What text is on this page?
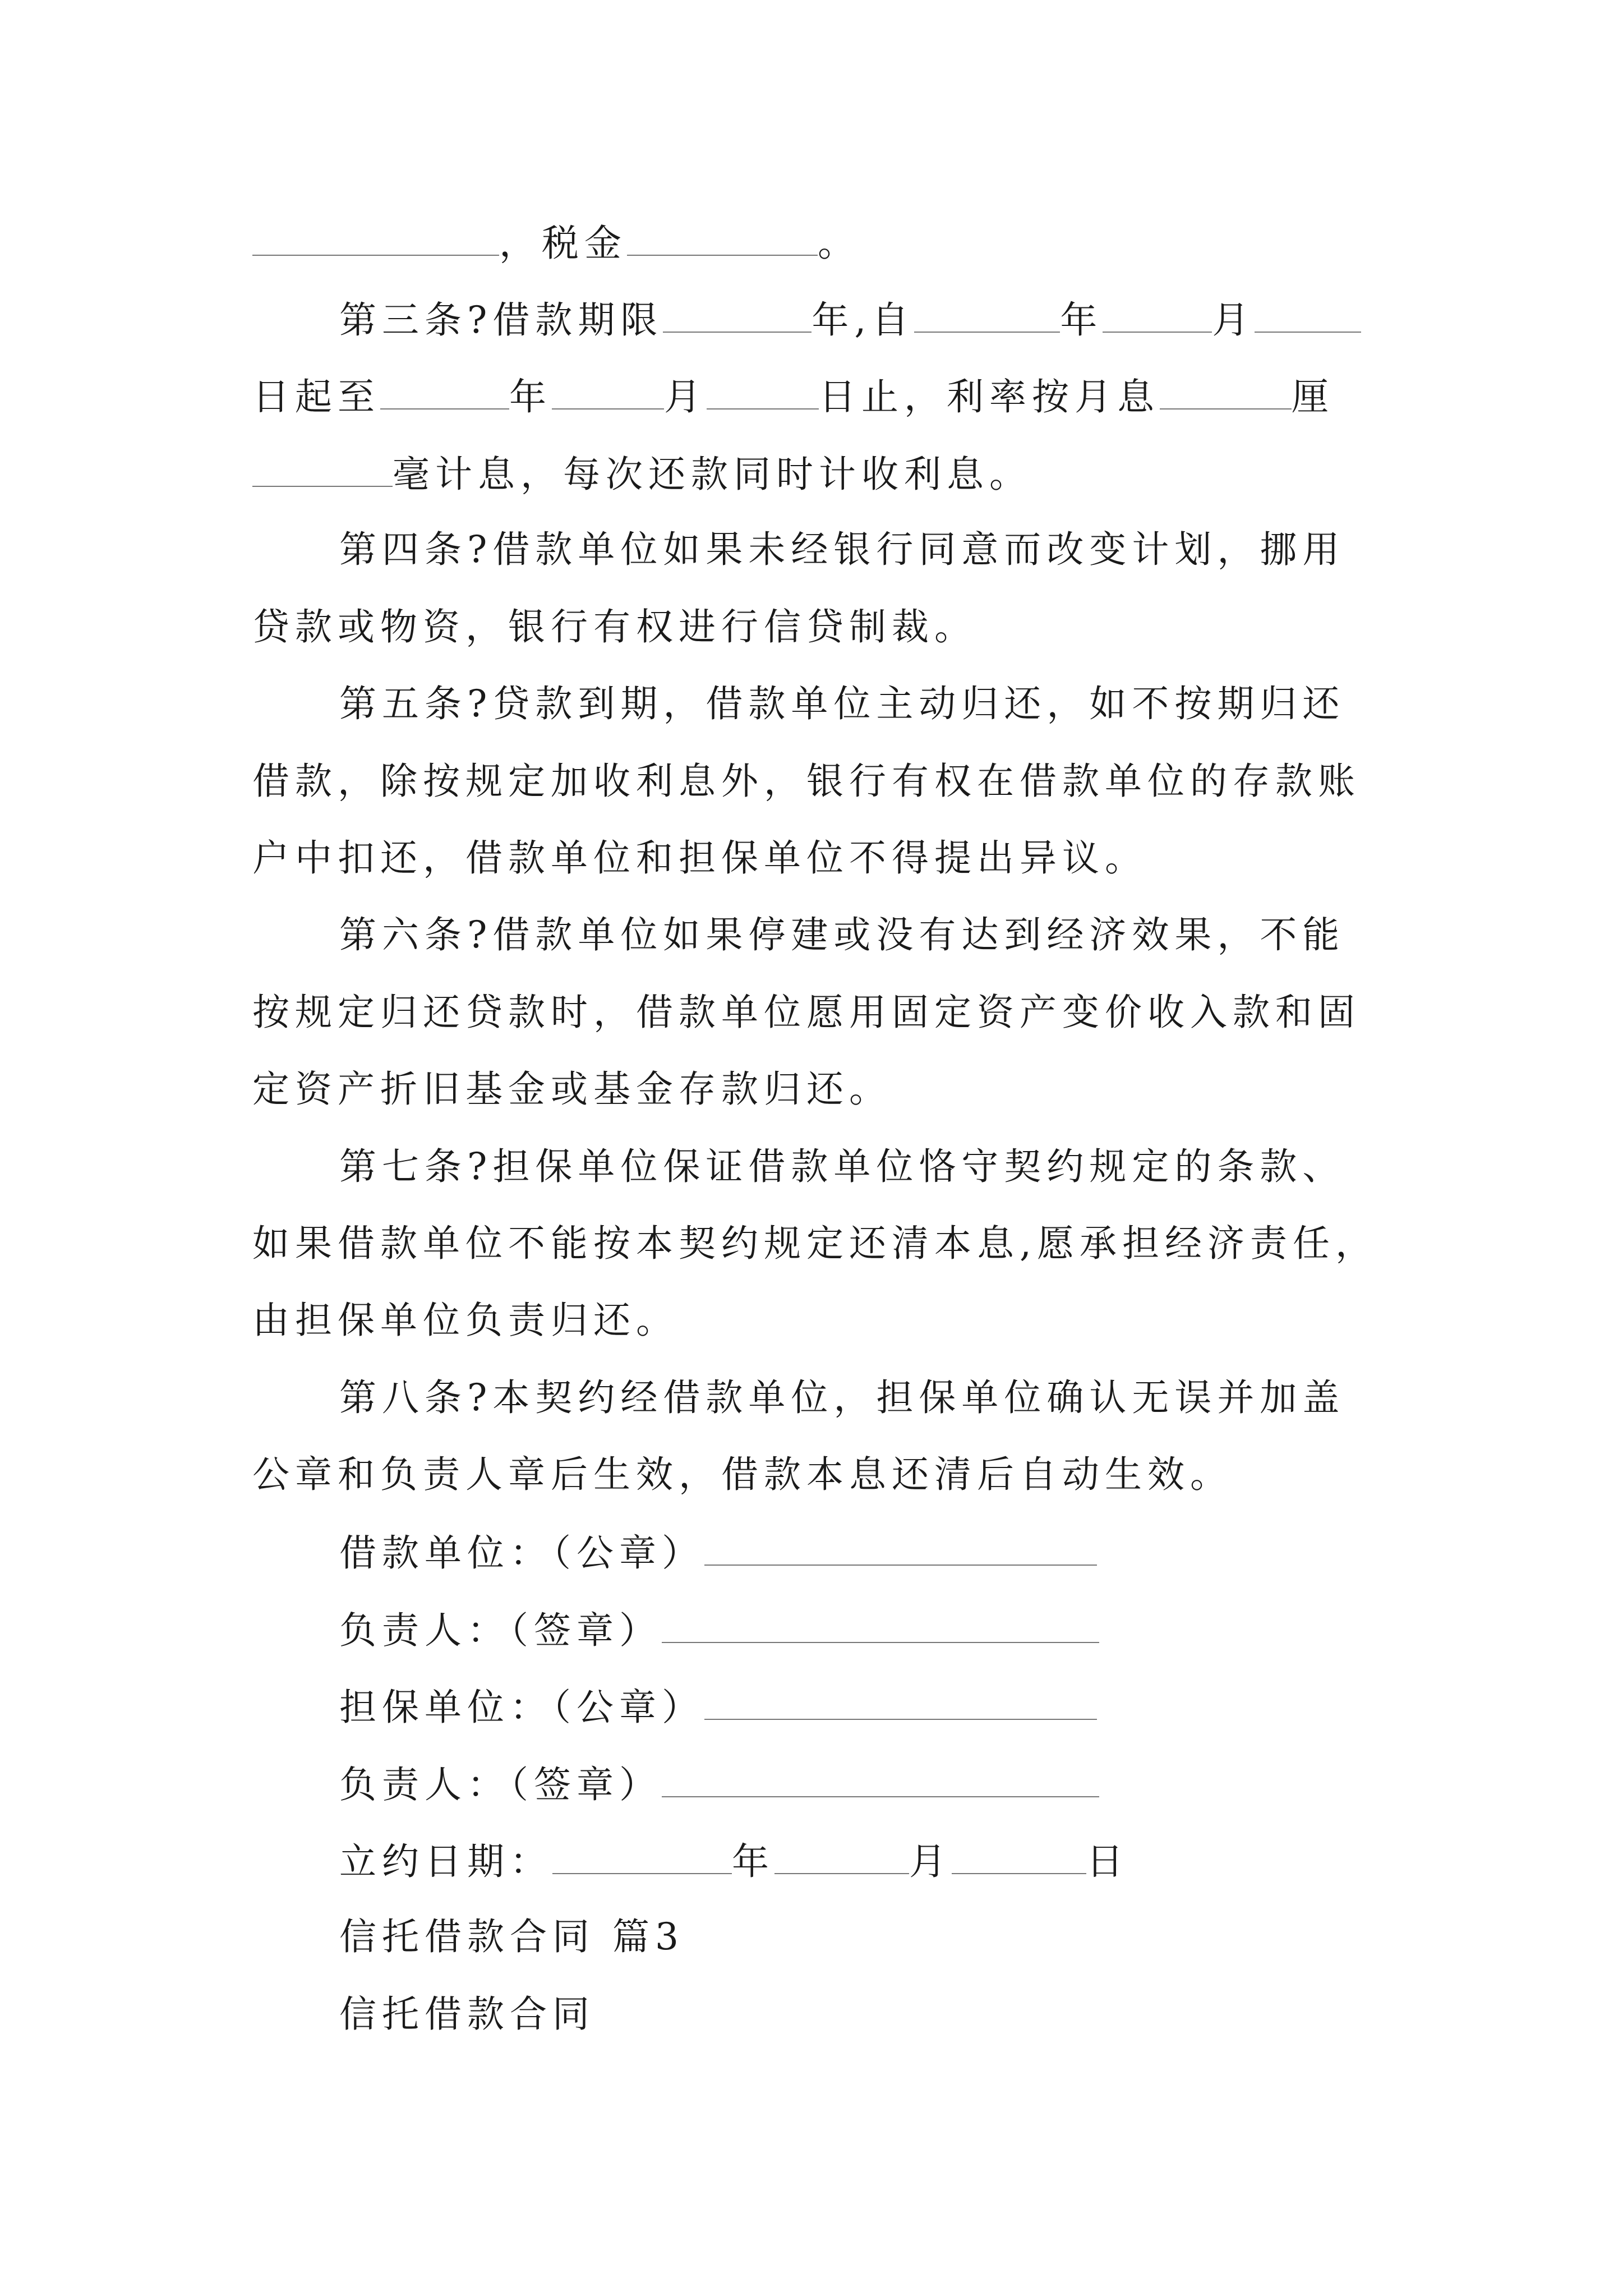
，税金	。
第三条?借款期限	年,自	年	月
日起至	年	月	日止，利率按月息	厘
毫计息，每次还款同时计收利息。
第四条?借款单位如果未经银行同意而改变计划，挪用
贷款或物资，银行有权进行信贷制裁。
第五条?贷款到期，借款单位主动归还，如不按期归还
借款，除按规定加收利息外，银行有权在借款单位的存款账
户中扣还，借款单位和担保单位不得提出异议。
第六条?借款单位如果停建或没有达到经济效果，不能
按规定归还贷款时，借款单位愿用固定资产变价收入款和固
定资产折旧基金或基金存款归还。
第七条?担保单位保证借款单位恪守契约规定的条款、
如果借款单位不能按本契约规定还清本息,愿承担经济责任，
由担保单位负责归还。
第八条?本契约经借款单位，担保单位确认无误并加盖
公章和负责人章后生效，借款本息还清后自动生效。
借款单位：（公章）
负责人：（签章）
担保单位：（公章）
负责人：（签章）
立约日期：	年	月	日
信托借款合同 篇3
信托借款合同
